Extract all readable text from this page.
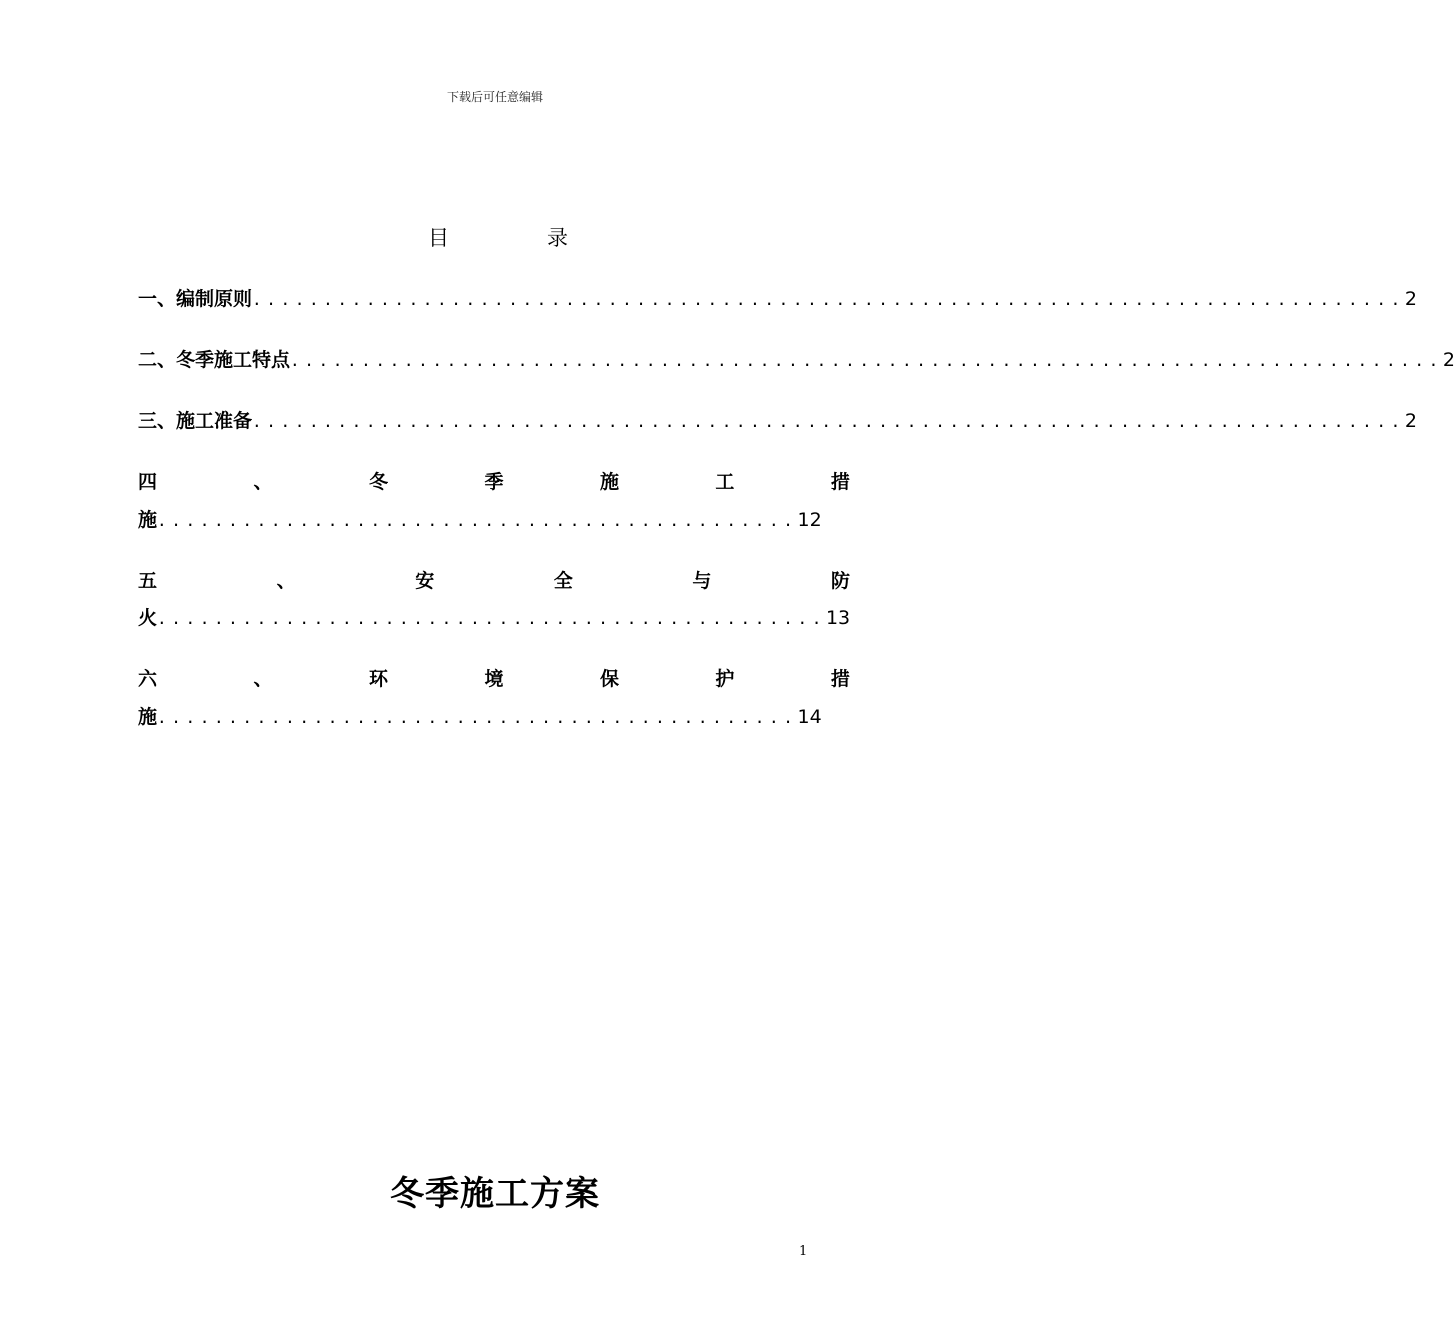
下载后可任意编辑
目	录
一、编制原则 ................................................................................. 2
二、冬季施工特点 ................................................................................. 2
三、施工准备 ................................................................................. 2
四	、	冬	季	施	工	措
施 ............................................. 12
五	、	安	全	与	防
火 ............................................... 13
六	、	环	境	保	护	措
施 ............................................. 14
冬季施工方案
1
